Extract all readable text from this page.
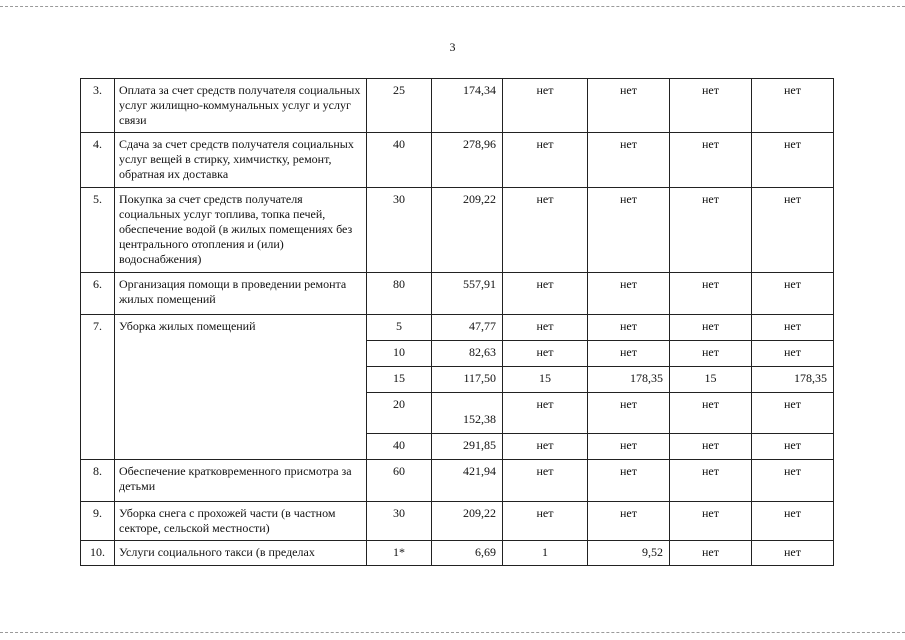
3
3.	Оплата за счет средств получателя социальных услуг жилищно-коммунальных услуг и услуг связи	25	174,34	нет	нет	нет	нет
4.	Сдача за счет средств получателя социальных услуг вещей в стирку, химчистку, ремонт, обратная их доставка	40	278,96	нет	нет	нет	нет
5.	Покупка за счет средств получателя социальных услуг топлива, топка печей, обеспечение водой (в жилых помещениях без центрального отопления и (или) водоснабжения)	30	209,22	нет	нет	нет	нет
6.	Организация помощи в проведении ремонта жилых помещений	80	557,91	нет	нет	нет	нет
7.	Уборка жилых помещений	5	47,77	нет	нет	нет	нет
		10	82,63	нет	нет	нет	нет
		15	117,50	15	178,35	15	178,35
		20	152,38	нет	нет	нет	нет
		40	291,85	нет	нет	нет	нет
8.	Обеспечение кратковременного присмотра за детьми	60	421,94	нет	нет	нет	нет
9.	Уборка снега с прохожей части (в частном секторе, сельской местности)	30	209,22	нет	нет	нет	нет
10.	Услуги социального такси (в пределах	1*	6,69	1	9,52	нет	нет
